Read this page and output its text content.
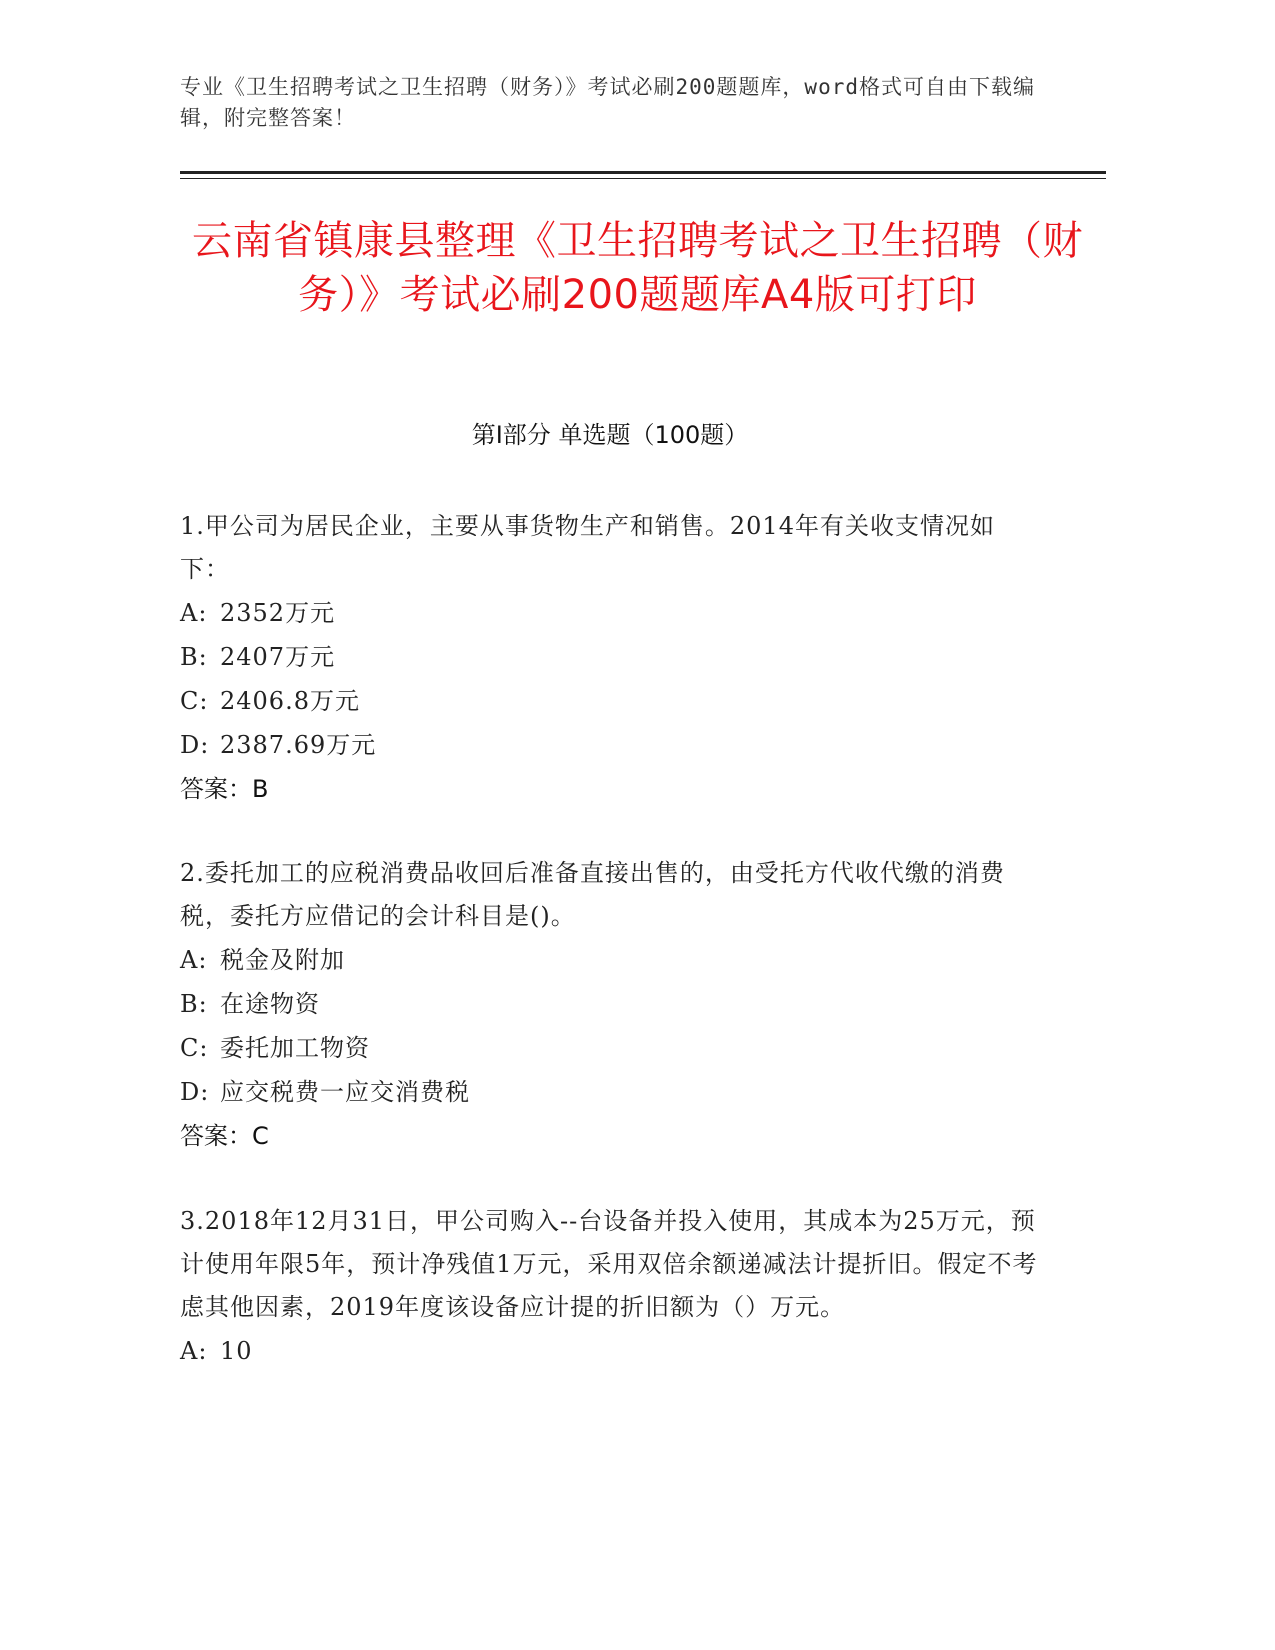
专业《卫生招聘考试之卫生招聘（财务）》考试必刷200题题库，word格式可自由下载编辑，附完整答案！
云南省镇康县整理《卫生招聘考试之卫生招聘（财务）》考试必刷200题题库A4版可打印
第Ⅰ部分 单选题（100题）
1.甲公司为居民企业，主要从事货物生产和销售。2014年有关收支情况如下：
A: 2352万元
B: 2407万元
C: 2406.8万元
D: 2387.69万元
答案：B
2.委托加工的应税消费品收回后准备直接出售的，由受托方代收代缴的消费税，委托方应借记的会计科目是()。
A: 税金及附加
B: 在途物资
C: 委托加工物资
D: 应交税费一应交消费税
答案：C
3.2018年12月31日，甲公司购入--台设备并投入使用，其成本为25万元，预计使用年限5年，预计净残值1万元，采用双倍余额递减法计提折旧。假定不考虑其他因素，2019年度该设备应计提的折旧额为（）万元。
A: 10
